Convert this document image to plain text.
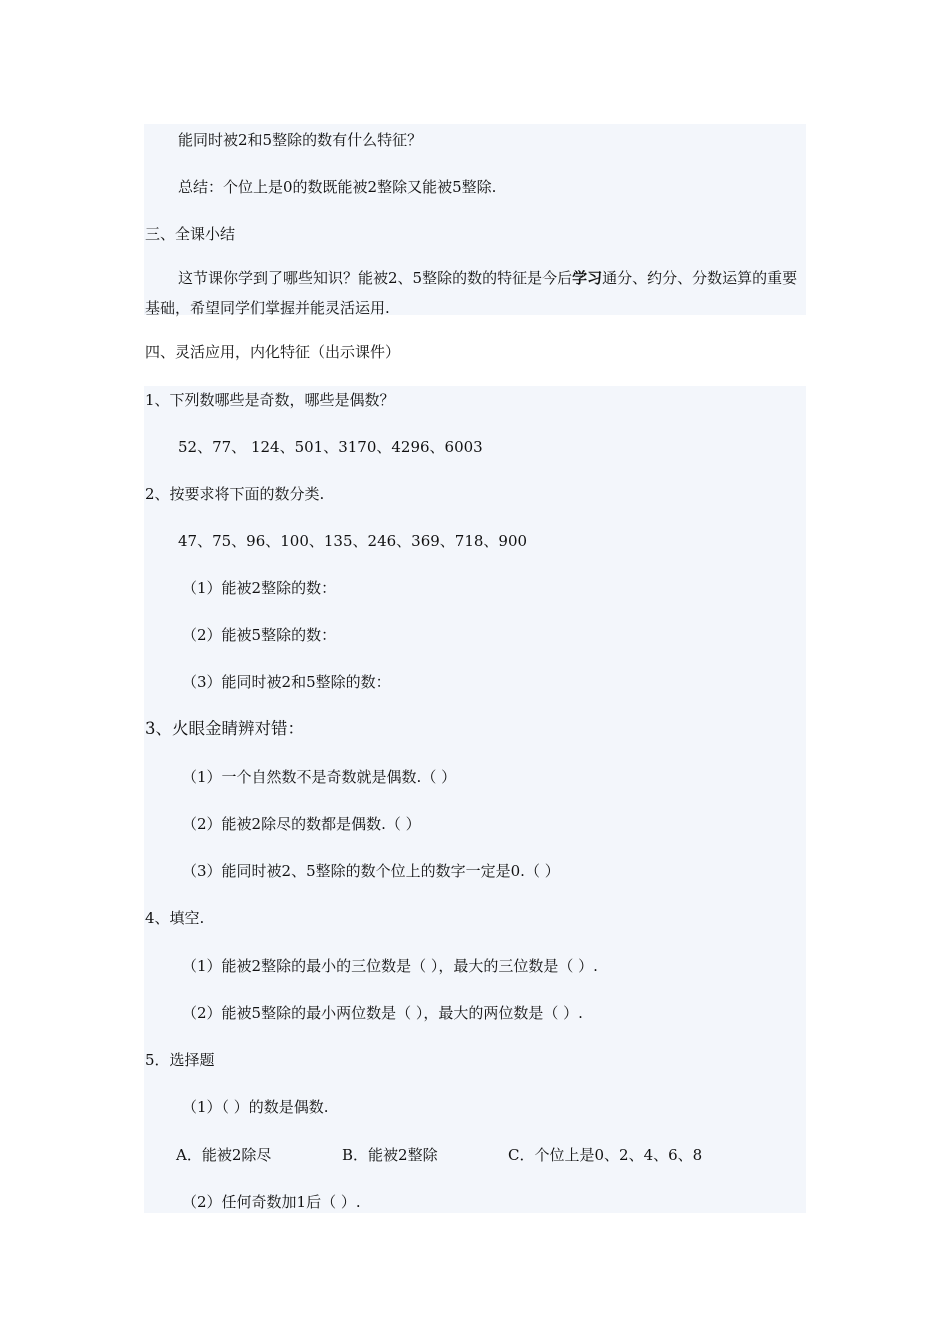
能同时被2和5整除的数有什么特征？
总结：个位上是0的数既能被2整除又能被5整除.
三、全课小结
这节课你学到了哪些知识？能被2、5整除的数的特征是今后学习通分、约分、分数运算的重要基础，希望同学们掌握并能灵活运用.
四、灵活应用，内化特征（出示课件）
1、下列数哪些是奇数，哪些是偶数？
52、77、 124、501、3170、4296、6003
2、按要求将下面的数分类.
47、75、96、100、135、246、369、718、900
（1）能被2整除的数：
（2）能被5整除的数：
（3）能同时被2和5整除的数：
3、火眼金睛辨对错：
（1）一个自然数不是奇数就是偶数.（ ）
（2）能被2除尽的数都是偶数.（ ）
（3）能同时被2、5整除的数个位上的数字一定是0.（ ）
4、填空.
（1）能被2整除的最小的三位数是（ ），最大的三位数是（ ）.
（2）能被5整除的最小两位数是（ ），最大的两位数是（ ）.
5．选择题
（1）（ ）的数是偶数.
A．能被2除尽	B．能被2整除	C．个位上是0、2、4、6、8
（2）任何奇数加1后（ ）.
